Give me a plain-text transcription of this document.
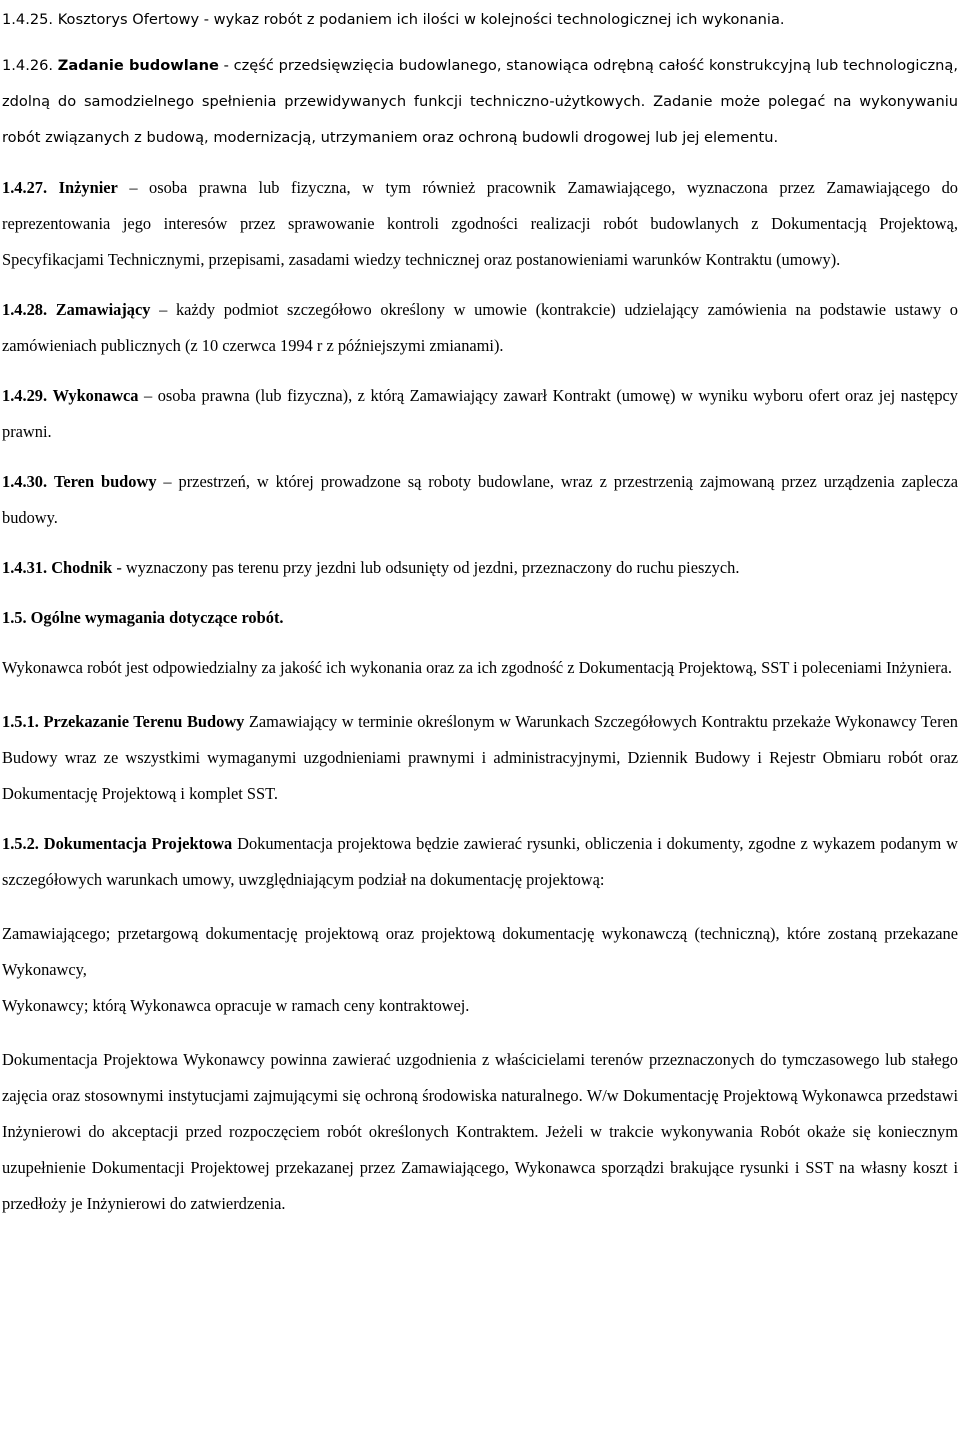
1.4.25. Kosztorys Ofertowy - wykaz robót z podaniem ich ilości w kolejności technologicznej ich wykonania.

1.4.26. Zadanie budowlane - część przedsięwzięcia budowlanego, stanowiąca odrębną całość konstrukcyjną lub technologiczną, zdolną do samodzielnego spełnienia przewidywanych funkcji techniczno-użytkowych. Zadanie może polegać na wykonywaniu robót związanych z budową, modernizacją, utrzymaniem oraz ochroną budowli drogowej lub jej elementu.

1.4.27. Inżynier – osoba prawna lub fizyczna, w tym również pracownik Zamawiającego, wyznaczona przez Zamawiającego do reprezentowania jego interesów przez sprawowanie kontroli zgodności realizacji robót budowlanych z Dokumentacją Projektową, Specyfikacjami Technicznymi, przepisami, zasadami wiedzy technicznej oraz postanowieniami warunków Kontraktu (umowy).

1.4.28. Zamawiający – każdy podmiot szczegółowo określony w umowie (kontrakcie) udzielający zamówienia na podstawie ustawy o zamówieniach publicznych (z 10 czerwca 1994 r z późniejszymi zmianami).

1.4.29. Wykonawca – osoba prawna (lub fizyczna), z którą Zamawiający zawarł Kontrakt (umowę) w wyniku wyboru ofert oraz jej następcy prawni.

1.4.30. Teren budowy – przestrzeń, w której prowadzone są roboty budowlane, wraz z przestrzenią zajmowaną przez urządzenia zaplecza budowy.

1.4.31. Chodnik - wyznaczony pas terenu przy jezdni lub odsunięty od jezdni, przeznaczony do ruchu pieszych.

1.5. Ogólne wymagania dotyczące robót.

Wykonawca robót jest odpowiedzialny za jakość ich wykonania oraz za ich zgodność z Dokumentacją Projektową, SST i poleceniami Inżyniera.

1.5.1. Przekazanie Terenu Budowy Zamawiający w terminie określonym w Warunkach Szczegółowych Kontraktu przekaże Wykonawcy Teren Budowy wraz ze wszystkimi wymaganymi uzgodnieniami prawnymi i administracyjnymi, Dziennik Budowy i Rejestr Obmiaru robót oraz Dokumentację Projektową i komplet SST.

1.5.2. Dokumentacja Projektowa Dokumentacja projektowa będzie zawierać rysunki, obliczenia i dokumenty, zgodne z wykazem podanym w szczegółowych warunkach umowy, uwzględniającym podział na dokumentację projektową:

Zamawiającego; przetargową dokumentację projektową oraz projektową dokumentację wykonawczą (techniczną), które zostaną przekazane Wykonawcy,

Wykonawcy; którą Wykonawca opracuje w ramach ceny kontraktowej.

Dokumentacja Projektowa Wykonawcy powinna zawierać uzgodnienia z właścicielami terenów przeznaczonych do tymczasowego lub stałego zajęcia oraz stosownymi instytucjami zajmującymi się ochroną środowiska naturalnego. W/w Dokumentację Projektową Wykonawca przedstawi Inżynierowi do akceptacji przed rozpoczęciem robót określonych Kontraktem. Jeżeli w trakcie wykonywania Robót okaże się koniecznym uzupełnienie Dokumentacji Projektowej przekazanej przez Zamawiającego, Wykonawca sporządzi brakujące rysunki i SST na własny koszt i przedłoży je Inżynierowi do zatwierdzenia.
